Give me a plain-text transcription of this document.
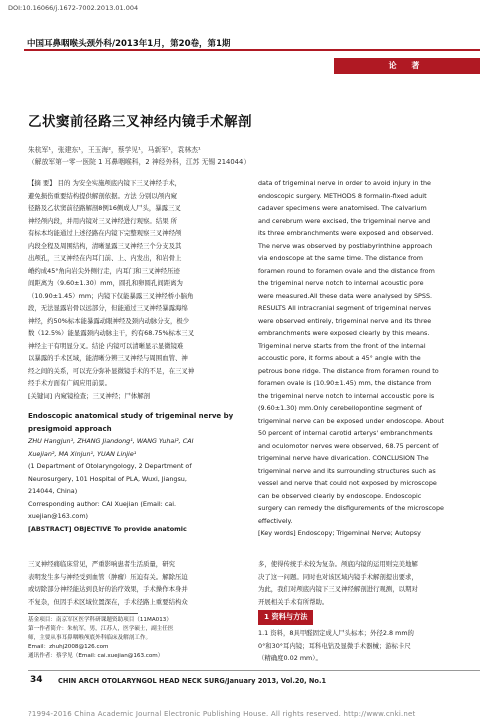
DOI:10.16066/j.1672-7002.2013.01.004
中国耳鼻咽喉头颈外科/2013年1月，第20卷，第1期
论 著
乙状窦前径路三叉神经内镜手术解剖
朱杭军¹，张建东¹，王玉海²，蔡学见¹，马新军¹，袁林杰¹
（解放军第一零一医院 1 耳鼻咽喉科，2 神经外科，江苏 无锡 214044）
【摘 要】 目的 为安全实施颅底内镜下三叉神经手术，
避免损伤重要结构提供解剖依据。方法 分别以颅内窥
径路及乙状窦前径路解剖8例16侧成人尸头，暴露三叉
神经颅内段，并用内镜对三叉神经进行观察。结果 所
有标本均能通过上述径路在内镜下完整观察三叉神经颅
内段全程及周围结构，清晰显露三叉神经三个分支及其
出颅孔，三叉神经在内耳门前、上、内发出，和岩骨上
嵴约成45°角向岩尖外侧行走，内耳门和三叉神经压迹
间距离为（9.60±1.30）mm，圆孔和卵圆孔间距离为
（10.90±1.45）mm；内镜下仅能暴露三叉神经桥小脑角
段，无法显露岩骨以远部分，但能通过三叉神经暴露海绵
神经，约50%标本能暴露动眼神经及颈内动脉分支，极少
数（12.5%）能显露颈内动脉主干，约有68.75%标本三叉
神经主干有明显分叉。结论 内镜可以清晰显示显微镜难
以暴露的手术区域，能清晰分辨三叉神经与周围血管、神
经之间的关系，可以充分弥补显微镜手术的不足，在三叉神
经手术方面有广阔应用前景。
[关键词] 内窥镜检查；三叉神经；尸体解剖
Endoscopic anatomical study of trigeminal nerve by
presigmoid approach
ZHU Hangjun¹, ZHANG Jiandong¹, WANG Yuhai², CAI
Xuejian², MA Xinjun¹, YUAN Linjie¹
(1 Department of Otolaryngology, 2 Department of
Neurosurgery, 101 Hospital of PLA, Wuxi, Jiangsu,
214044, China)
Corresponding author: CAI Xuejian (Email: cai.
xuejian@163.com)
[ABSTRACT] OBJECTIVE To provide anatomic
data of trigeminal nerve in order to avoid injury in the
endoscopic surgery. METHODS 8 formalin-fixed adult
cadaver specimens were anatomised. The calvarium
and cerebrum were excised, the trigeminal nerve and
its three embranchments were exposed and observed.
The nerve was observed by postlabyrinthine approach
via endoscope at the same time. The distance from
foramen round to foramen ovale and the distance from
the trigeminal nerve notch to internal acoustic pore
were measured.All these data were analysed by SPSS.
RESULTS All intracranial segment of trigeminal nerves
were observed entirely, trigeminal nerve and its three
embranchments were exposed clearly by this means.
Trigeminal nerve starts from the front of the internal
accoustic pore, it forms about a 45° angle with the
petrous bone ridge. The distance from foramen round to
foramen ovale is (10.90±1.45) mm, the distance from
the trigeminal nerve notch to internal accoustic pore is
(9.60±1.30) mm.Only cerebellopontine segment of
trigeminal nerve can be exposed under endoscope. About
50 percent of internal carotid arterys' embranchments
and oculomotor nerves were observed, 68.75 percent of
trigeminal nerve have divarication. CONCLUSION The
trigeminal nerve and its surrounding structures such as
vessel and nerve that could not exposed by microscope
can be observed clearly by endoscope. Endoscopic
surgery can remedy the disfigurements of the microscope
effectively.
[Key words] Endoscopy; Trigeminal Nerve; Autopsy
三叉神经痛临床常见，严重影响患者生活质量，研究
表明发生多与神经受到血管（肿瘤）压迫有关。解除压迫
或切除部分神经能达到良好的治疗效果，手术操作本身并
不复杂，但因手术区域位置深在，手术径路上重要结构众
多，使得传统手术较为复杂。颅底内镜的运用则完美地解
决了这一问题。同时也对该区域内镜手术解剖提出要求，
为此，我们对颅底内镜下三叉神经解剖进行观测，以期对
开展相关手术有所帮助。
1 资料与方法
1.1 资料，8具甲醛固定成人尸头标本；外径2.8 mm的
0°和30°耳内镜；耳科电钻及显微手术器械；游标卡尺
（精确度0.02 mm）。
基金项目：南京军区医学科研课题资助项目（11MA013）
第一作者简介：朱杭军，男，江苏人，医学硕士，副主任医
师，主要从事耳鼻咽喉颅底外科临床及解剖工作。
Email：zhuhj2008@126.com
通讯作者：蔡学见（Email: cai.xuejian@163.com）
34 CHIN ARCH OTOLARYNGOL HEAD NECK SURG/January 2013, Vol.20, No.1
?1994-2016 China Academic Journal Electronic Publishing House. All rights reserved. http://www.cnki.net
